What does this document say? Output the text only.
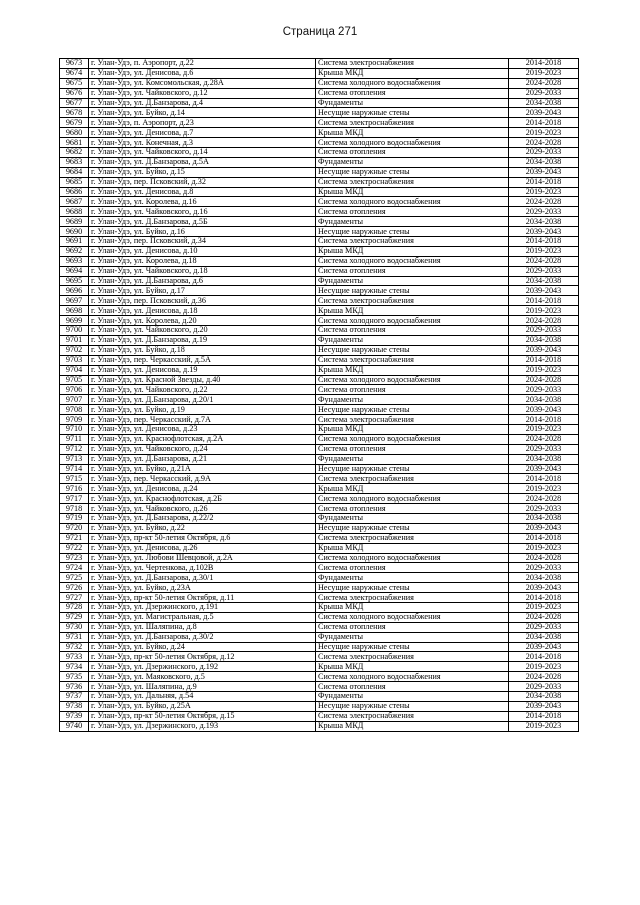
Страница 271
9673	г. Улан-Удэ, п. Аэропорт, д.22	Система электроснабжения	2014-2018
9674	г. Улан-Удэ, ул. Денисова, д.6	Крыша МКД	2019-2023
9675	г. Улан-Удэ, ул. Комсомольская, д.28А	Система холодного водоснабжения	2024-2028
9676	г. Улан-Удэ, ул. Чайковского, д.12	Система отопления	2029-2033
9677	г. Улан-Удэ, ул. Д.Банзарова, д.4	Фундаменты	2034-2038
9678	г. Улан-Удэ, ул. Буйко, д.14	Несущие наружные стены	2039-2043
9679	г. Улан-Удэ, п. Аэропорт, д.23	Система электроснабжения	2014-2018
9680	г. Улан-Удэ, ул. Денисова, д.7	Крыша МКД	2019-2023
9681	г. Улан-Удэ, ул. Конечная, д.3	Система холодного водоснабжения	2024-2028
9682	г. Улан-Удэ, ул. Чайковского, д.14	Система отопления	2029-2033
9683	г. Улан-Удэ, ул. Д.Банзарова, д.5А	Фундаменты	2034-2038
9684	г. Улан-Удэ, ул. Буйко, д.15	Несущие наружные стены	2039-2043
9685	г. Улан-Удэ, пер. Псковский, д.32	Система электроснабжения	2014-2018
9686	г. Улан-Удэ, ул. Денисова, д.8	Крыша МКД	2019-2023
9687	г. Улан-Удэ, ул. Королева, д.16	Система холодного водоснабжения	2024-2028
9688	г. Улан-Удэ, ул. Чайковского, д.16	Система отопления	2029-2033
9689	г. Улан-Удэ, ул. Д.Банзарова, д.5Б	Фундаменты	2034-2038
9690	г. Улан-Удэ, ул. Буйко, д.16	Несущие наружные стены	2039-2043
9691	г. Улан-Удэ, пер. Псковский, д.34	Система электроснабжения	2014-2018
9692	г. Улан-Удэ, ул. Денисова, д.10	Крыша МКД	2019-2023
9693	г. Улан-Удэ, ул. Королева, д.18	Система холодного водоснабжения	2024-2028
9694	г. Улан-Удэ, ул. Чайковского, д.18	Система отопления	2029-2033
9695	г. Улан-Удэ, ул. Д.Банзарова, д.6	Фундаменты	2034-2038
9696	г. Улан-Удэ, ул. Буйко, д.17	Несущие наружные стены	2039-2043
9697	г. Улан-Удэ, пер. Псковский, д.36	Система электроснабжения	2014-2018
9698	г. Улан-Удэ, ул. Денисова, д.18	Крыша МКД	2019-2023
9699	г. Улан-Удэ, ул. Королева, д.20	Система холодного водоснабжения	2024-2028
9700	г. Улан-Удэ, ул. Чайковского, д.20	Система отопления	2029-2033
9701	г. Улан-Удэ, ул. Д.Банзарова, д.19	Фундаменты	2034-2038
9702	г. Улан-Удэ, ул. Буйко, д.18	Несущие наружные стены	2039-2043
9703	г. Улан-Удэ, пер. Черкасский, д.5А	Система электроснабжения	2014-2018
9704	г. Улан-Удэ, ул. Денисова, д.19	Крыша МКД	2019-2023
9705	г. Улан-Удэ, ул. Красной Звезды, д.40	Система холодного водоснабжения	2024-2028
9706	г. Улан-Удэ, ул. Чайковского, д.22	Система отопления	2029-2033
9707	г. Улан-Удэ, ул. Д.Банзарова, д.20/1	Фундаменты	2034-2038
9708	г. Улан-Удэ, ул. Буйко, д.19	Несущие наружные стены	2039-2043
9709	г. Улан-Удэ, пер. Черкасский, д.7А	Система электроснабжения	2014-2018
9710	г. Улан-Удэ, ул. Денисова, д.23	Крыша МКД	2019-2023
9711	г. Улан-Удэ, ул. Краснофлотская, д.2А	Система холодного водоснабжения	2024-2028
9712	г. Улан-Удэ, ул. Чайковского, д.24	Система отопления	2029-2033
9713	г. Улан-Удэ, ул. Д.Банзарова, д.21	Фундаменты	2034-2038
9714	г. Улан-Удэ, ул. Буйко, д.21А	Несущие наружные стены	2039-2043
9715	г. Улан-Удэ, пер. Черкасский, д.9А	Система электроснабжения	2014-2018
9716	г. Улан-Удэ, ул. Денисова, д.24	Крыша МКД	2019-2023
9717	г. Улан-Удэ, ул. Краснофлотская, д.2Б	Система холодного водоснабжения	2024-2028
9718	г. Улан-Удэ, ул. Чайковского, д.26	Система отопления	2029-2033
9719	г. Улан-Удэ, ул. Д.Банзарова, д.22/2	Фундаменты	2034-2038
9720	г. Улан-Удэ, ул. Буйко, д.22	Несущие наружные стены	2039-2043
9721	г. Улан-Удэ, пр-кт 50-летия Октября, д.6	Система электроснабжения	2014-2018
9722	г. Улан-Удэ, ул. Денисова, д.26	Крыша МКД	2019-2023
9723	г. Улан-Удэ, ул. Любови Шевцовой, д.2А	Система холодного водоснабжения	2024-2028
9724	г. Улан-Удэ, ул. Чертенкова, д.102В	Система отопления	2029-2033
9725	г. Улан-Удэ, ул. Д.Банзарова, д.30/1	Фундаменты	2034-2038
9726	г. Улан-Удэ, ул. Буйко, д.23А	Несущие наружные стены	2039-2043
9727	г. Улан-Удэ, пр-кт 50-летия Октября, д.11	Система электроснабжения	2014-2018
9728	г. Улан-Удэ, ул. Дзержинского, д.191	Крыша МКД	2019-2023
9729	г. Улан-Удэ, ул. Магистральная, д.5	Система холодного водоснабжения	2024-2028
9730	г. Улан-Удэ, ул. Шаляпина, д.8	Система отопления	2029-2033
9731	г. Улан-Удэ, ул. Д.Банзарова, д.30/2	Фундаменты	2034-2038
9732	г. Улан-Удэ, ул. Буйко, д.24	Несущие наружные стены	2039-2043
9733	г. Улан-Удэ, пр-кт 50-летия Октября, д.12	Система электроснабжения	2014-2018
9734	г. Улан-Удэ, ул. Дзержинского, д.192	Крыша МКД	2019-2023
9735	г. Улан-Удэ, ул. Маяковского, д.5	Система холодного водоснабжения	2024-2028
9736	г. Улан-Удэ, ул. Шаляпина, д.9	Система отопления	2029-2033
9737	г. Улан-Удэ, ул. Дальняя, д.54	Фундаменты	2034-2038
9738	г. Улан-Удэ, ул. Буйко, д.25А	Несущие наружные стены	2039-2043
9739	г. Улан-Удэ, пр-кт 50-летия Октября, д.15	Система электроснабжения	2014-2018
9740	г. Улан-Удэ, ул. Дзержинского, д.193	Крыша МКД	2019-2023
